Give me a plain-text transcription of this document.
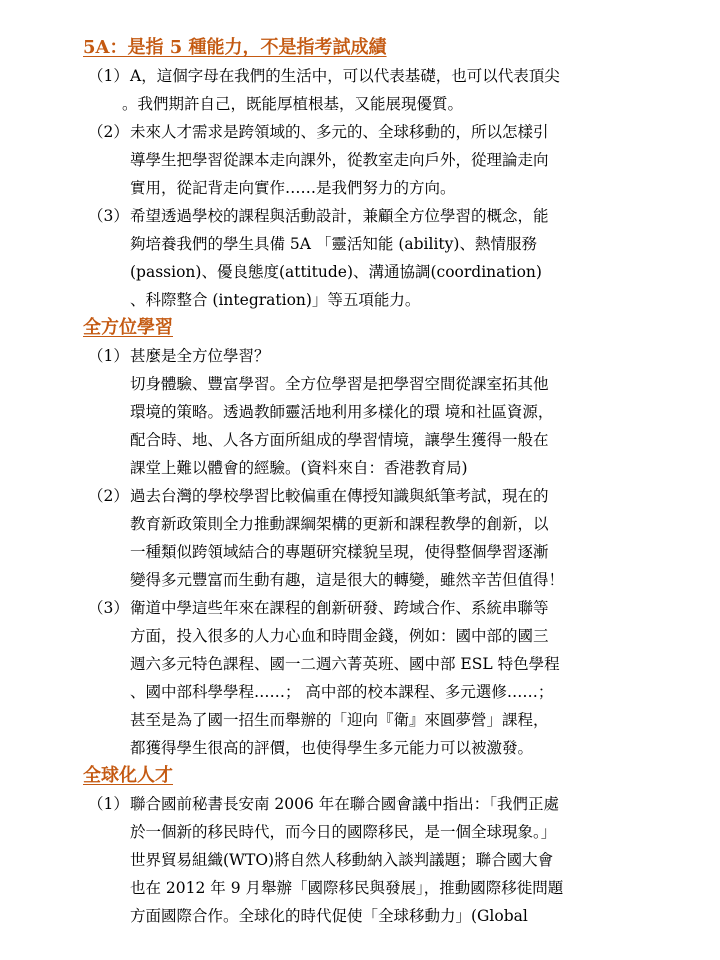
5A：是指 5 種能力，不是指考試成績
（1） A，這個字母在我們的生活中，可以代表基礎，也可以代表頂尖

。我們期許自己，既能厚植根基，又能展現優質。

（2） 未來人才需求是跨領域的、多元的、全球移動的，所以怎樣引

導學生把學習從課本走向課外，從教室走向戶外，從理論走向

實用，從記背走向實作……是我們努力的方向。

（3） 希望透過學校的課程與活動設計，兼顧全方位學習的概念，能

夠培養我們的學生具備 5A 「靈活知能 (ability)、熱情服務

(passion)、優良態度(attitude)、溝通協調(coordination)

、科際整合 (integration)」等五項能力。

全方位學習
（1） 甚麼是全方位學習？

切身體驗、豐富學習。全方位學習是把學習空間從課室拓其他

環境的策略。透過教師靈活地利用多樣化的環 境和社區資源，

配合時、地、人各方面所組成的學習情境，讓學生獲得一般在

課堂上難以體會的經驗。(資料來自：香港教育局)

（2） 過去台灣的學校學習比較偏重在傳授知識與紙筆考試，現在的

教育新政策則全力推動課綱架構的更新和課程教學的創新，以

一種類似跨領域結合的專題研究樣貌呈現，使得整個學習逐漸

變得多元豐富而生動有趣，這是很大的轉變，雖然辛苦但值得！

（3） 衛道中學這些年來在課程的創新研發、跨域合作、系統串聯等

方面，投入很多的人力心血和時間金錢，例如：國中部的國三

週六多元特色課程、國一二週六菁英班、國中部 ESL 特色學程

、國中部科學學程……； 高中部的校本課程、多元選修……；

甚至是為了國一招生而舉辦的「迎向『衛』來圓夢營」課程，

都獲得學生很高的評價，也使得學生多元能力可以被激發。

全球化人才
（1） 聯合國前秘書長安南 2006 年在聯合國會議中指出：「我們正處

於一個新的移民時代，而今日的國際移民，是一個全球現象。」

世界貿易組織(WTO)將自然人移動納入談判議題；聯合國大會

也在 2012 年 9 月舉辦「國際移民與發展」，推動國際移徙問題

方面國際合作。全球化的時代促使「全球移動力」(Global
